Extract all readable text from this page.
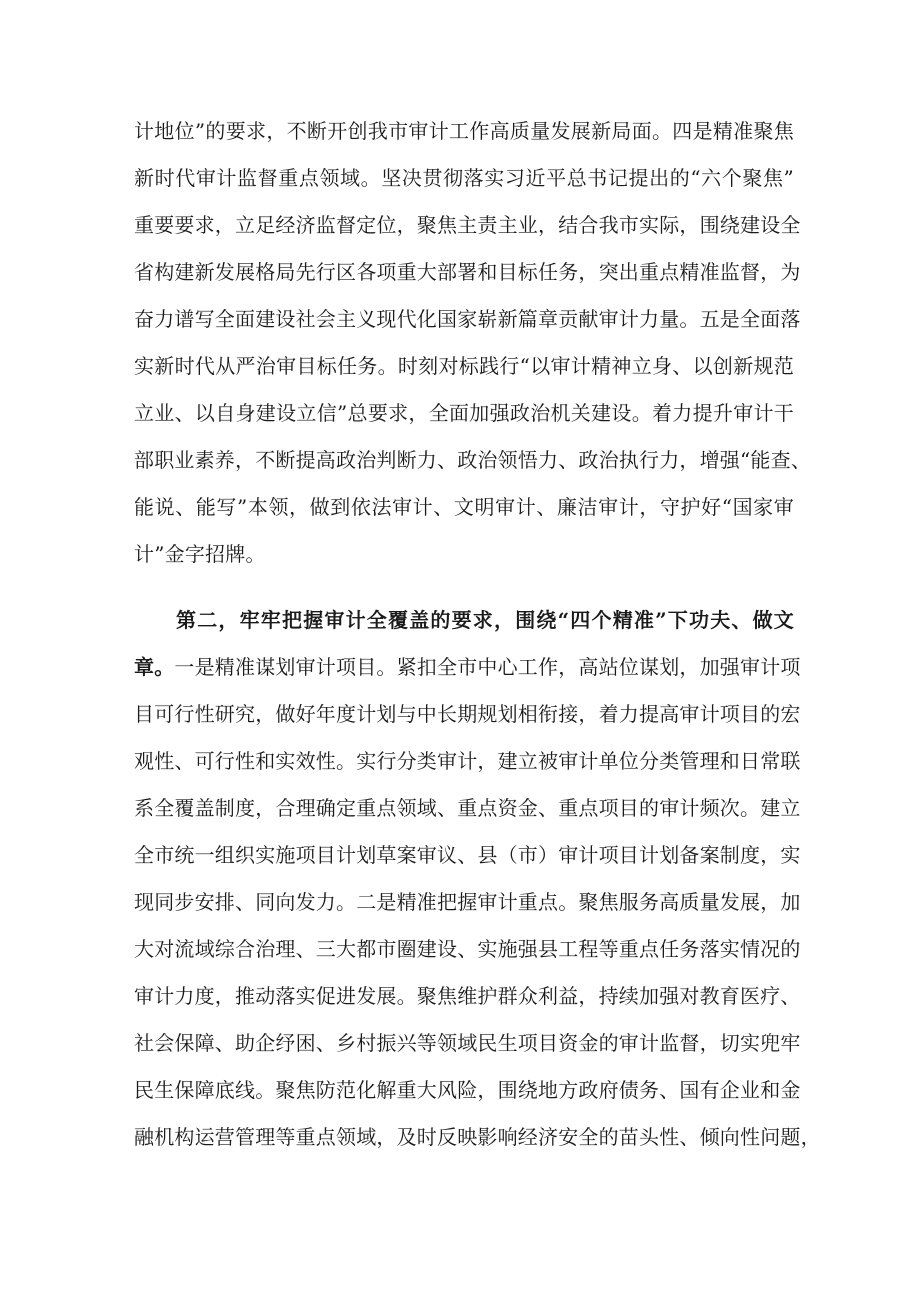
计地位”的要求，不断开创我市审计工作高质量发展新局面。四是精准聚焦
新时代审计监督重点领域。坚决贯彻落实习近平总书记提出的“六个聚焦”
重要要求，立足经济监督定位，聚焦主责主业，结合我市实际，围绕建设全
省构建新发展格局先行区各项重大部署和目标任务，突出重点精准监督，为
奋力谱写全面建设社会主义现代化国家崭新篇章贡献审计力量。五是全面落
实新时代从严治审目标任务。时刻对标践行“以审计精神立身、以创新规范
立业、以自身建设立信”总要求，全面加强政治机关建设。着力提升审计干
部职业素养，不断提高政治判断力、政治领悟力、政治执行力，增强“能查、
能说、能写”本领，做到依法审计、文明审计、廉洁审计，守护好“国家审
计”金字招牌。
第二，牢牢把握审计全覆盖的要求，围绕“四个精准”下功夫、做文
章。一是精准谋划审计项目。紧扣全市中心工作，高站位谋划，加强审计项
目可行性研究，做好年度计划与中长期规划相衔接，着力提高审计项目的宏
观性、可行性和实效性。实行分类审计，建立被审计单位分类管理和日常联
系全覆盖制度，合理确定重点领域、重点资金、重点项目的审计频次。建立
全市统一组织实施项目计划草案审议、县（市）审计项目计划备案制度，实
现同步安排、同向发力。二是精准把握审计重点。聚焦服务高质量发展，加
大对流域综合治理、三大都市圈建设、实施强县工程等重点任务落实情况的
审计力度，推动落实促进发展。聚焦维护群众利益，持续加强对教育医疗、
社会保障、助企纾困、乡村振兴等领域民生项目资金的审计监督，切实兜牢
民生保障底线。聚焦防范化解重大风险，围绕地方政府债务、国有企业和金
融机构运营管理等重点领域，及时反映影响经济安全的苗头性、倾向性问题，
